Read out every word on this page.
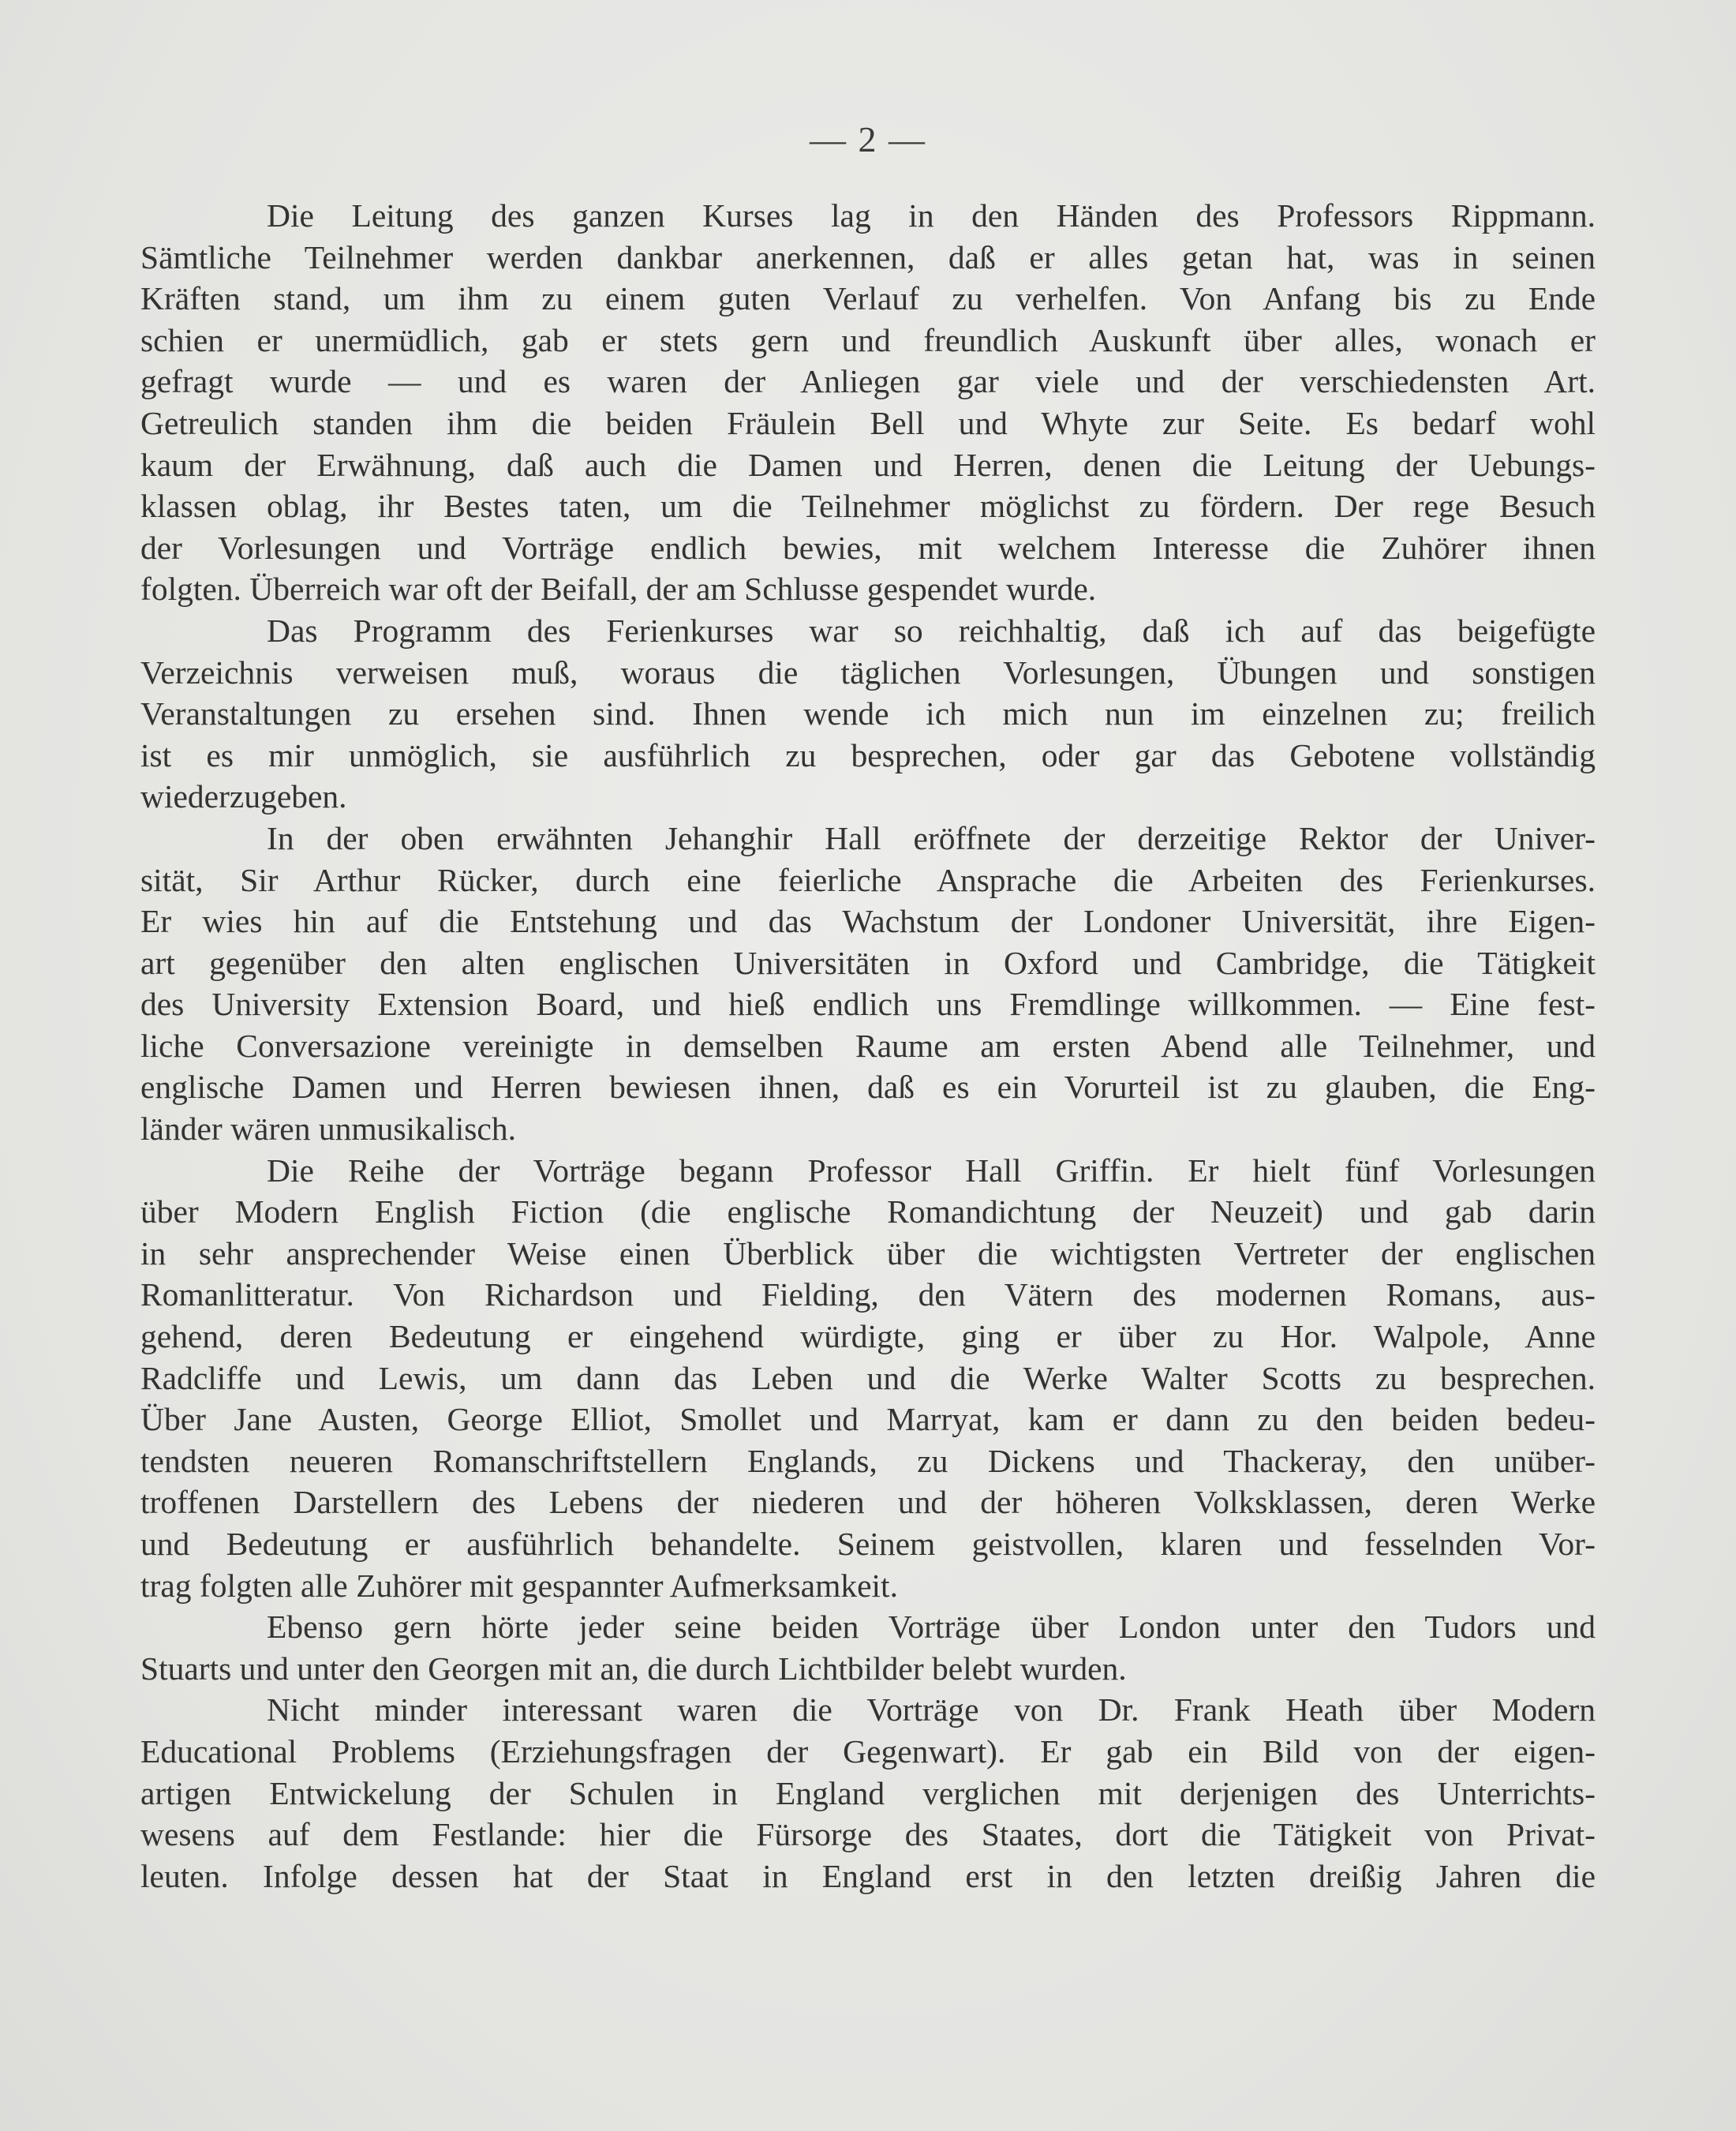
— 2 —
Die Leitung des ganzen Kurses lag in den Händen des Professors Rippmann.
Sämtliche Teilnehmer werden dankbar anerkennen, daß er alles getan hat, was in seinen
Kräften stand, um ihm zu einem guten Verlauf zu verhelfen. Von Anfang bis zu Ende
schien er unermüdlich, gab er stets gern und freundlich Auskunft über alles, wonach er
gefragt wurde — und es waren der Anliegen gar viele und der verschiedensten Art.
Getreulich standen ihm die beiden Fräulein Bell und Whyte zur Seite. Es bedarf wohl
kaum der Erwähnung, daß auch die Damen und Herren, denen die Leitung der Uebungs-
klassen oblag, ihr Bestes taten, um die Teilnehmer möglichst zu fördern. Der rege Besuch
der Vorlesungen und Vorträge endlich bewies, mit welchem Interesse die Zuhörer ihnen
folgten. Überreich war oft der Beifall, der am Schlusse gespendet wurde.
Das Programm des Ferienkurses war so reichhaltig, daß ich auf das beigefügte
Verzeichnis verweisen muß, woraus die täglichen Vorlesungen, Übungen und sonstigen
Veranstaltungen zu ersehen sind. Ihnen wende ich mich nun im einzelnen zu; freilich
ist es mir unmöglich, sie ausführlich zu besprechen, oder gar das Gebotene vollständig
wiederzugeben.
In der oben erwähnten Jehanghir Hall eröffnete der derzeitige Rektor der Univer-
sität, Sir Arthur Rücker, durch eine feierliche Ansprache die Arbeiten des Ferienkurses.
Er wies hin auf die Entstehung und das Wachstum der Londoner Universität, ihre Eigen-
art gegenüber den alten englischen Universitäten in Oxford und Cambridge, die Tätigkeit
des University Extension Board, und hieß endlich uns Fremdlinge willkommen. — Eine fest-
liche Conversazione vereinigte in demselben Raume am ersten Abend alle Teilnehmer, und
englische Damen und Herren bewiesen ihnen, daß es ein Vorurteil ist zu glauben, die Eng-
länder wären unmusikalisch.
Die Reihe der Vorträge begann Professor Hall Griffin. Er hielt fünf Vorlesungen
über Modern English Fiction (die englische Romandichtung der Neuzeit) und gab darin
in sehr ansprechender Weise einen Überblick über die wichtigsten Vertreter der englischen
Romanlitteratur. Von Richardson und Fielding, den Vätern des modernen Romans, aus-
gehend, deren Bedeutung er eingehend würdigte, ging er über zu Hor. Walpole, Anne
Radcliffe und Lewis, um dann das Leben und die Werke Walter Scotts zu besprechen.
Über Jane Austen, George Elliot, Smollet und Marryat, kam er dann zu den beiden bedeu-
tendsten neueren Romanschriftstellern Englands, zu Dickens und Thackeray, den unüber-
troffenen Darstellern des Lebens der niederen und der höheren Volksklassen, deren Werke
und Bedeutung er ausführlich behandelte. Seinem geistvollen, klaren und fesselnden Vor-
trag folgten alle Zuhörer mit gespannter Aufmerksamkeit.
Ebenso gern hörte jeder seine beiden Vorträge über London unter den Tudors und
Stuarts und unter den Georgen mit an, die durch Lichtbilder belebt wurden.
Nicht minder interessant waren die Vorträge von Dr. Frank Heath über Modern
Educational Problems (Erziehungsfragen der Gegenwart). Er gab ein Bild von der eigen-
artigen Entwickelung der Schulen in England verglichen mit derjenigen des Unterrichts-
wesens auf dem Festlande: hier die Fürsorge des Staates, dort die Tätigkeit von Privat-
leuten. Infolge dessen hat der Staat in England erst in den letzten dreißig Jahren die
